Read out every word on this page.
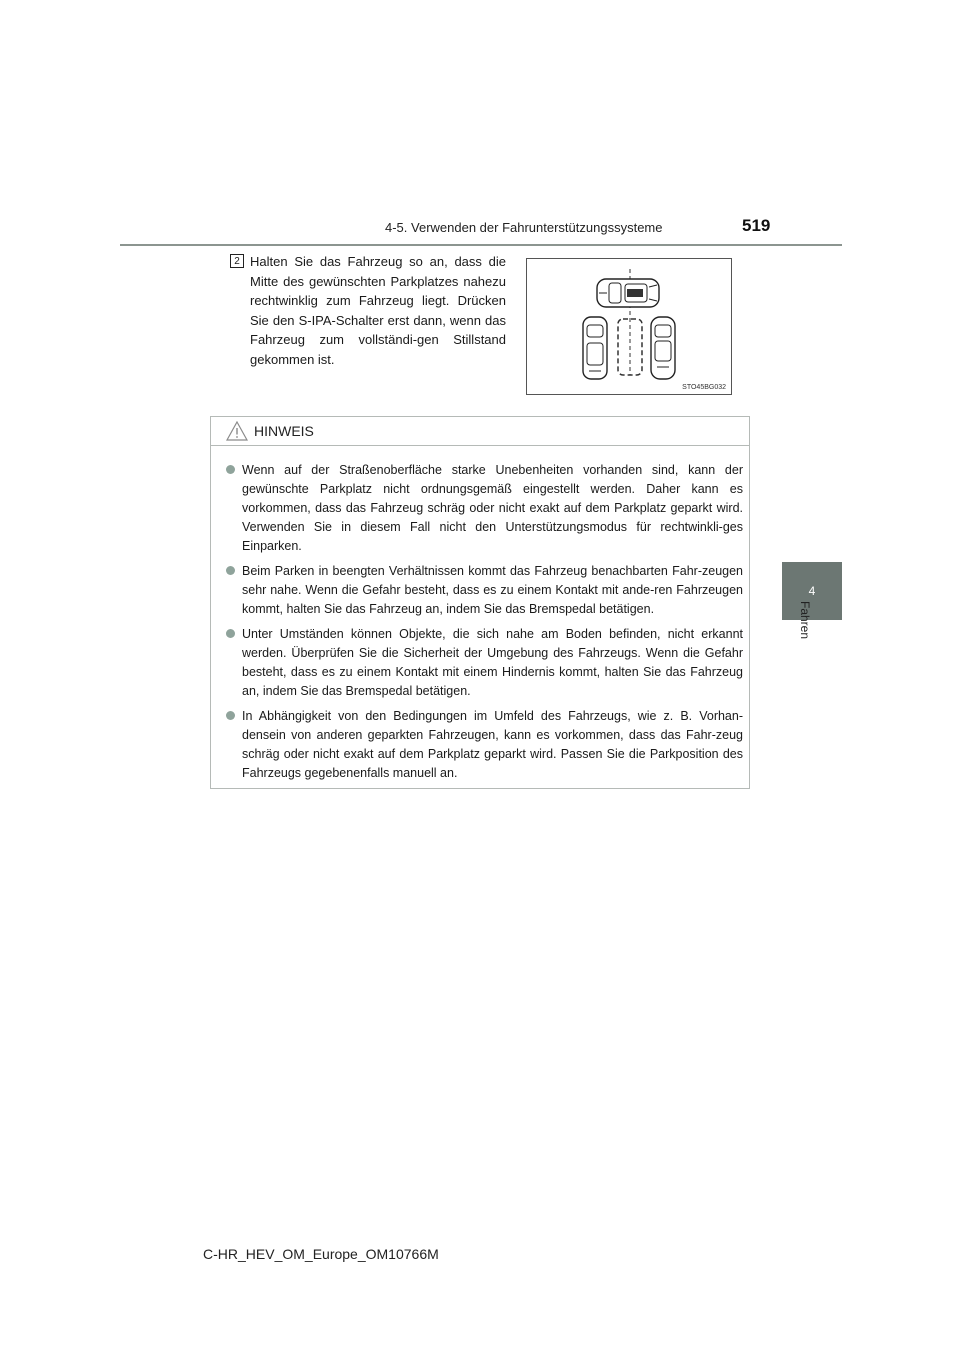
4-5. Verwenden der Fahrunterstützungssysteme	519
4
Fahren
2 Halten Sie das Fahrzeug so an, dass die Mitte des gewünschten Parkplatzes nahezu rechtwinklig zum Fahrzeug liegt. Drücken Sie den S-IPA-Schalter erst dann, wenn das Fahrzeug zum vollständi-gen Stillstand gekommen ist.
STO45BG032
HINWEIS
Wenn auf der Straßenoberfläche starke Unebenheiten vorhanden sind, kann der gewünschte Parkplatz nicht ordnungsgemäß eingestellt werden. Daher kann es vorkommen, dass das Fahrzeug schräg oder nicht exakt auf dem Parkplatz geparkt wird. Verwenden Sie in diesem Fall nicht den Unterstützungsmodus für rechtwinkli-ges Einparken.
Beim Parken in beengten Verhältnissen kommt das Fahrzeug benachbarten Fahr-zeugen sehr nahe. Wenn die Gefahr besteht, dass es zu einem Kontakt mit ande-ren Fahrzeugen kommt, halten Sie das Fahrzeug an, indem Sie das Bremspedal betätigen.
Unter Umständen können Objekte, die sich nahe am Boden befinden, nicht erkannt werden. Überprüfen Sie die Sicherheit der Umgebung des Fahrzeugs. Wenn die Gefahr besteht, dass es zu einem Kontakt mit einem Hindernis kommt, halten Sie das Fahrzeug an, indem Sie das Bremspedal betätigen.
In Abhängigkeit von den Bedingungen im Umfeld des Fahrzeugs, wie z. B. Vorhan-densein von anderen geparkten Fahrzeugen, kann es vorkommen, dass das Fahr-zeug schräg oder nicht exakt auf dem Parkplatz geparkt wird. Passen Sie die Parkposition des Fahrzeugs gegebenenfalls manuell an.
C-HR_HEV_OM_Europe_OM10766M
